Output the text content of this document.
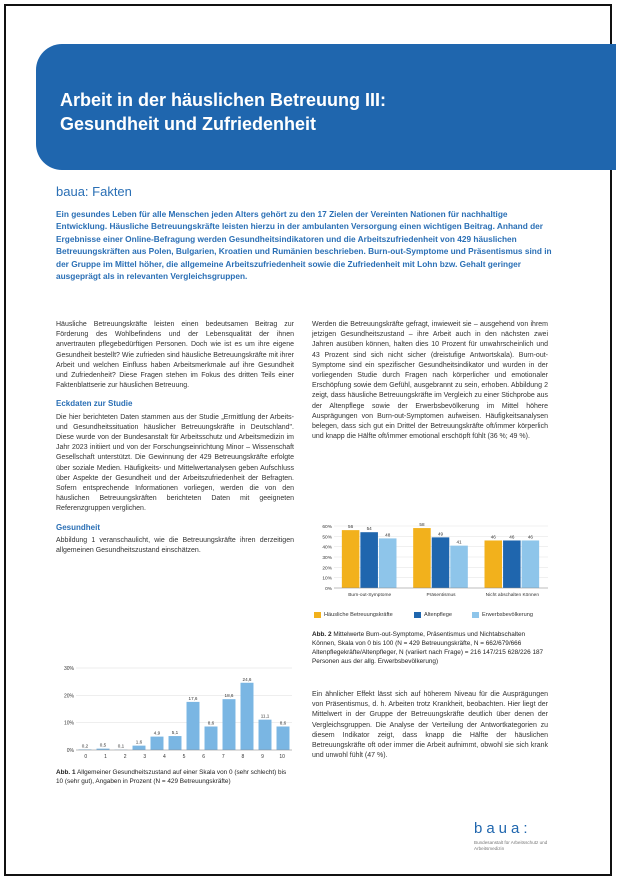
Arbeit in der häuslichen Betreuung III:
Gesundheit und Zufriedenheit
baua: Fakten
Ein gesundes Leben für alle Menschen jeden Alters gehört zu den 17 Zielen der Vereinten Nationen für nachhaltige Entwicklung. Häusliche Betreuungskräfte leisten hierzu in der ambulanten Versorgung einen wichtigen Beitrag. Anhand der Ergebnisse einer Online-Befragung werden Gesundheitsindikatoren und die Arbeitszufriedenheit von 429 häuslichen Betreuungskräften aus Polen, Bulgarien, Kroatien und Rumänien beschrieben. Burn-out-Symptome und Präsentismus sind in der Gruppe im Mittel höher, die allgemeine Arbeitszufriedenheit sowie die Zufriedenheit mit Lohn bzw. Gehalt geringer ausgeprägt als in relevanten Vergleichsgruppen.

Häusliche Betreuungskräfte leisten einen bedeutsamen Beitrag zur Förderung des Wohlbefindens und der Lebensqualität der ihnen anvertrauten pflegebedürftigen Personen. Doch wie ist es um ihre eigene Gesundheit bestellt? Wie zufrieden sind häusliche Betreuungskräfte mit ihrer Arbeit und welchen Einfluss haben Arbeitsmerkmale auf ihre Gesundheit und Zufriedenheit? Diese Fragen stehen im Fokus des dritten Teils einer Faktenblattserie zur häuslichen Betreuung.

Eckdaten zur Studie

Die hier berichteten Daten stammen aus der Studie „Ermittlung der Arbeits- und Gesundheitssituation häuslicher Betreuungskräfte in Deutschland". Diese wurde von der Bundesanstalt für Arbeitsschutz und Arbeitsmedizin im Jahr 2023 initiiert und von der Forschungseinrichtung Minor – Wissenschaft Gesellschaft unterstützt. Die Gewinnung der 429 Betreuungskräfte erfolgte über soziale Medien. Häufigkeits- und Mittelwertanalysen geben Aufschluss über Aspekte der Gesundheit und der Arbeitszufriedenheit der Befragten. Sofern entsprechende Informationen vorliegen, werden die von den häuslichen Betreuungskräften berichteten Daten mit geeigneten Referenzgruppen verglichen.

Gesundheit

Abbildung 1 veranschaulicht, wie die Betreuungskräfte ihren derzeitigen allgemeinen Gesundheitszustand einschätzen.

Werden die Betreuungskräfte gefragt, inwieweit sie – ausgehend von ihrem jetzigen Gesundheitszustand – ihre Arbeit auch in den nächsten zwei Jahren ausüben können, halten dies 10 Prozent für unwahrscheinlich und 43 Prozent sind sich nicht sicher (dreistufige Antwortskala). Burn-out-Symptome sind ein spezifischer Gesundheitsindikator und wurden in der vorliegenden Studie durch Fragen nach körperlicher und emotionaler Erschöpfung sowie dem Gefühl, ausgebrannt zu sein, erhoben. Abbildung 2 zeigt, dass häusliche Betreuungskräfte im Vergleich zu einer Stichprobe aus der Altenpflege sowie der Erwerbsbevölkerung im Mittel höhere Ausprägungen von Burn-out-Symptomen aufweisen. Häufigkeitsanalysen belegen, dass sich gut ein Drittel der Betreuungskräfte oft/immer körperlich und knapp die Hälfte oft/immer emotional erschöpft fühlt (36 %; 49 %).

0%
10%
20%
30%
0,2	0,5	0,1
1,6
4,9	5,1
17,6
8,6
18,6
24,6
11,1
8,6
0	1	2	3	4	5	6	7	8	9	10
Abb. 1 Allgemeiner Gesundheitszustand auf einer Skala von 0 (sehr schlecht) bis 10 (sehr gut), Angaben in Prozent (N = 429 Betreuungskräfte)
0%
10%
20%
30%
40%
50%
60%	56	54
48
Burn-out-Symptome
58
49
41
Präsentismus
46	46	46
Nicht abschalten Können
Häusliche Betreuungskräfte	Altenpflege	Erwerbsbevölkerung
Abb. 2 Mittelwerte Burn-out-Symptome, Präsentismus und Nichtabschalten Können, Skala von 0 bis 100 (N = 429 Betreuungskräfte, N = 662/679/666 Altenpflegekräfte/Altenpfleger, N (variiert nach Frage) = 216 147/215 628/226 187 Personen aus der allg. Erwerbsbevölkerung)

Ein ähnlicher Effekt lässt sich auf höherem Niveau für die Ausprägungen von Präsentismus, d. h. Arbeiten trotz Krankheit, beobachten. Hier liegt der Mittelwert in der Gruppe der Betreuungskräfte deutlich über denen der Vergleichsgruppen. Die Analyse der Verteilung der Antwortkategorien zu diesem Indikator zeigt, dass knapp die Hälfte der häuslichen Betreuungskräfte oft oder immer die Arbeit aufnimmt, obwohl sie sich krank und unwohl fühlt (47 %).

baua:
Bundesanstalt für Arbeitsschutz und Arbeitsmedizin
